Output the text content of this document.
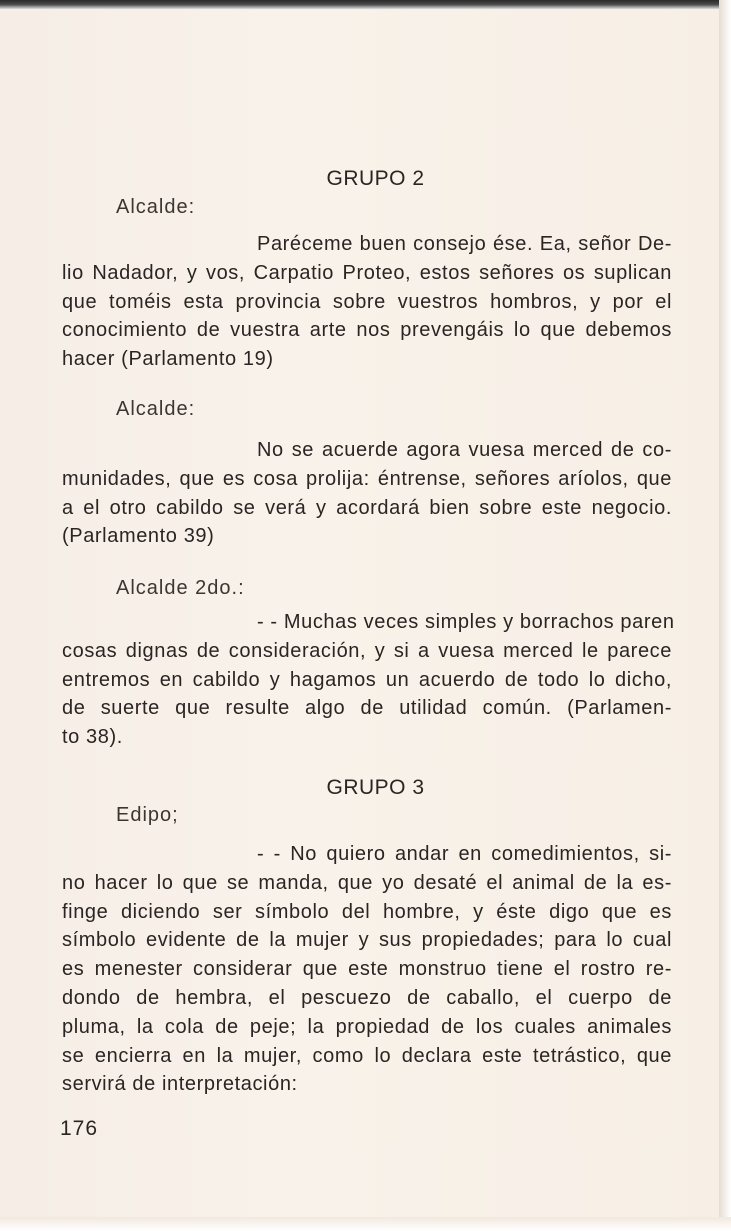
GRUPO 2
Alcalde:
Paréceme buen consejo ése. Ea, señor De-
lio Nadador, y vos, Carpatio Proteo, estos señores os suplican
que toméis esta provincia sobre vuestros hombros, y por el
conocimiento de vuestra arte nos prevengáis lo que debemos
hacer (Parlamento 19)
Alcalde:
No se acuerde agora vuesa merced de co-
munidades, que es cosa prolija: éntrense, señores aríolos, que
a el otro cabildo se verá y acordará bien sobre este negocio.
(Parlamento 39)
Alcalde 2do.:
- - Muchas veces simples y borrachos paren
cosas dignas de consideración, y si a vuesa merced le parece
entremos en cabildo y hagamos un acuerdo de todo lo dicho,
de suerte que resulte algo de utilidad común. (Parlamen-
to 38).
GRUPO 3
Edipo;
- - No quiero andar en comedimientos, si-
no hacer lo que se manda, que yo desaté el animal de la es-
finge diciendo ser símbolo del hombre, y éste digo que es
símbolo evidente de la mujer y sus propiedades; para lo cual
es menester considerar que este monstruo tiene el rostro re-
dondo de hembra, el pescuezo de caballo, el cuerpo de
pluma, la cola de peje; la propiedad de los cuales animales
se encierra en la mujer, como lo declara este tetrástico, que
servirá de interpretación:
176
